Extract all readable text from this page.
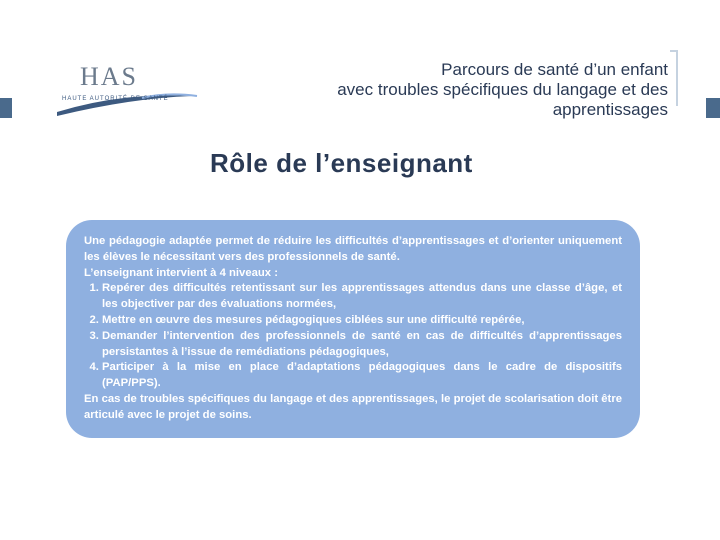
HAS
HAUTE AUTORITÉ DE SANTÉ
Parcours de santé d’un enfant
avec troubles spécifiques du langage et des
apprentissages
Rôle de l’enseignant

Une pédagogie adaptée permet de réduire les difficultés d’apprentissages et d’orienter uniquement les élèves le nécessitant vers des professionnels de santé.

L’enseignant intervient à 4 niveaux :

1. Repérer des difficultés retentissant sur les apprentissages attendus dans une classe d’âge, et les objectiver par des évaluations normées,
2. Mettre en œuvre des mesures pédagogiques ciblées sur une difficulté repérée,
3. Demander l’intervention des professionnels de santé en cas de difficultés d’apprentissages persistantes à l’issue de remédiations pédagogiques,
4. Participer à la mise en place d’adaptations pédagogiques dans le cadre de dispositifs (PAP/PPS).

En cas de troubles spécifiques du langage et des apprentissages, le projet de scolarisation doit être articulé avec le projet de soins.
